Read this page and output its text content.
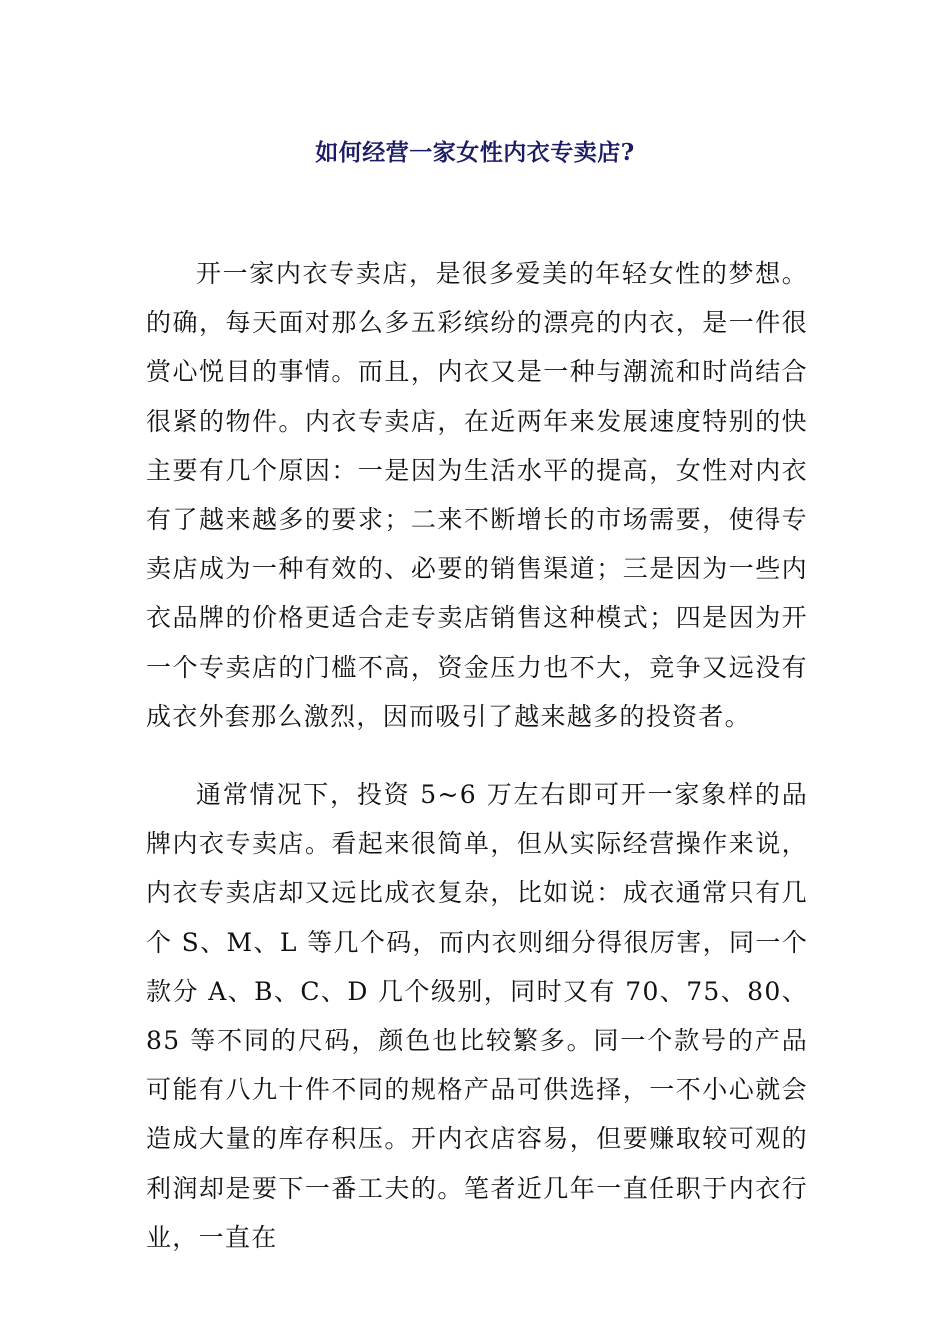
如何经营一家女性内衣专卖店?
开一家内衣专卖店，是很多爱美的年轻女性的梦想。的确，每天面对那么多五彩缤纷的漂亮的内衣，是一件很赏心悦目的事情。而且，内衣又是一种与潮流和时尚结合很紧的物件。内衣专卖店，在近两年来发展速度特别的快主要有几个原因：一是因为生活水平的提高，女性对内衣有了越来越多的要求；二来不断增长的市场需要，使得专卖店成为一种有效的、必要的销售渠道；三是因为一些内衣品牌的价格更适合走专卖店销售这种模式；四是因为开一个专卖店的门槛不高，资金压力也不大，竞争又远没有成衣外套那么激烈，因而吸引了越来越多的投资者。
通常情况下，投资 5~6 万左右即可开一家象样的品牌内衣专卖店。看起来很简单，但从实际经营操作来说，内衣专卖店却又远比成衣复杂，比如说：成衣通常只有几个 S、M、L 等几个码，而内衣则细分得很厉害，同一个款分 A、B、C、D 几个级别，同时又有 70、75、80、85 等不同的尺码，颜色也比较繁多。同一个款号的产品可能有八九十件不同的规格产品可供选择，一不小心就会造成大量的库存积压。开内衣店容易，但要赚取较可观的利润却是要下一番工夫的。笔者近几年一直任职于内衣行业，一直在
